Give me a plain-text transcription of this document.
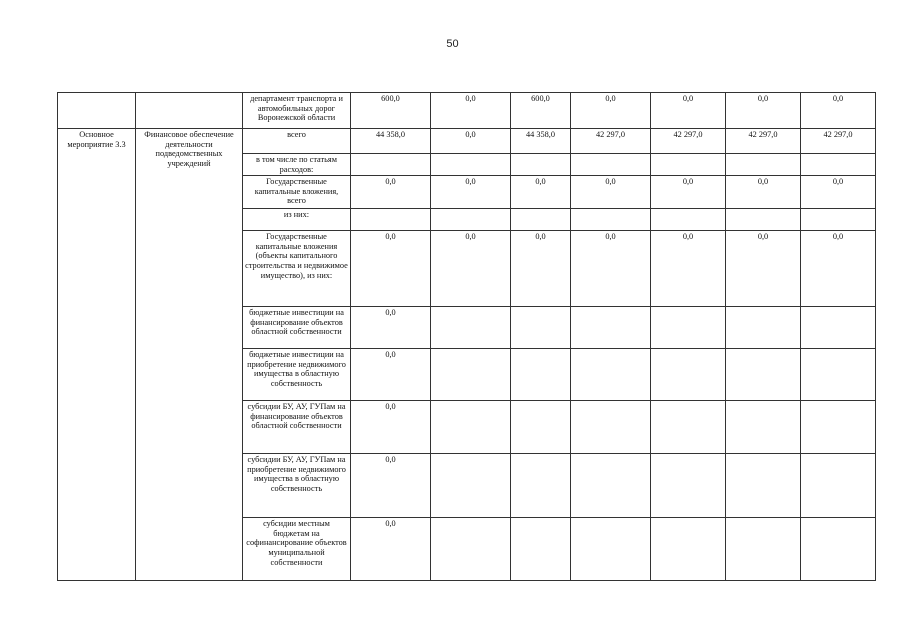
50
		департамент транспорта и автомобильных дорог Воронежской области	600,0	0,0	600,0	0,0	0,0	0,0	0,0
Основное мероприятие 3.3	Финансовое обеспечение деятельности подведомственных учреждений	всего	44 358,0	0,0	44 358,0	42 297,0	42 297,0	42 297,0	42 297,0
		в том числе по статьям расходов:							
		Государственные капитальные вложения, всего	0,0	0,0	0,0	0,0	0,0	0,0	0,0
		из них:							
		Государственные капитальные вложения (объекты капитального строительства и недвижимое имущество), из них:	0,0	0,0	0,0	0,0	0,0	0,0	0,0
		бюджетные инвестиции на финансирование объектов областной собственности	0,0						
		бюджетные инвестиции на приобретение недвижимого имущества в областную собственность	0,0						
		субсидии БУ, АУ, ГУПам на финансирование объектов областной собственности	0,0						
		субсидии БУ, АУ, ГУПам на приобретение недвижимого имущества в областную собственность	0,0						
		субсидии местным бюджетам на софинансирование объектов муниципальной собственности	0,0						
